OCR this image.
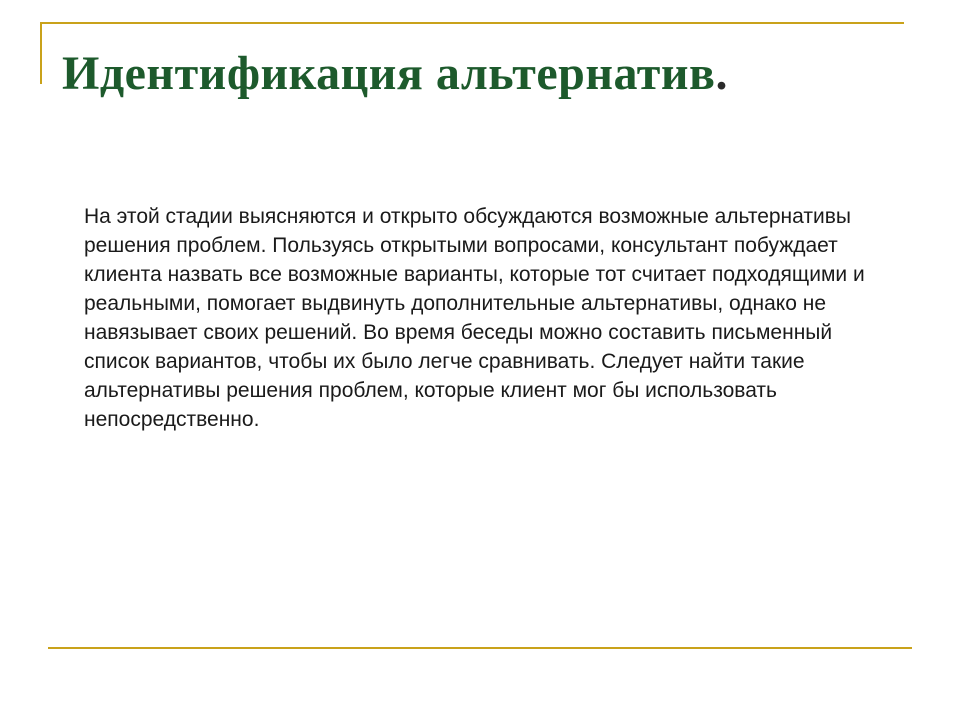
Идентификация альтернатив.

На этой стадии выясняются и открыто обсуждаются возможные альтернативы решения проблем. Пользуясь открытыми вопросами, консультант побуждает клиента назвать все возможные варианты, которые тот считает подходящими и реальными, помогает выдвинуть дополнительные альтернативы, однако не навязывает своих решений. Во время беседы можно составить письменный список вариантов, чтобы их было легче сравнивать. Следует найти такие альтернативы решения проблем, которые клиент мог бы использовать непосредственно.
